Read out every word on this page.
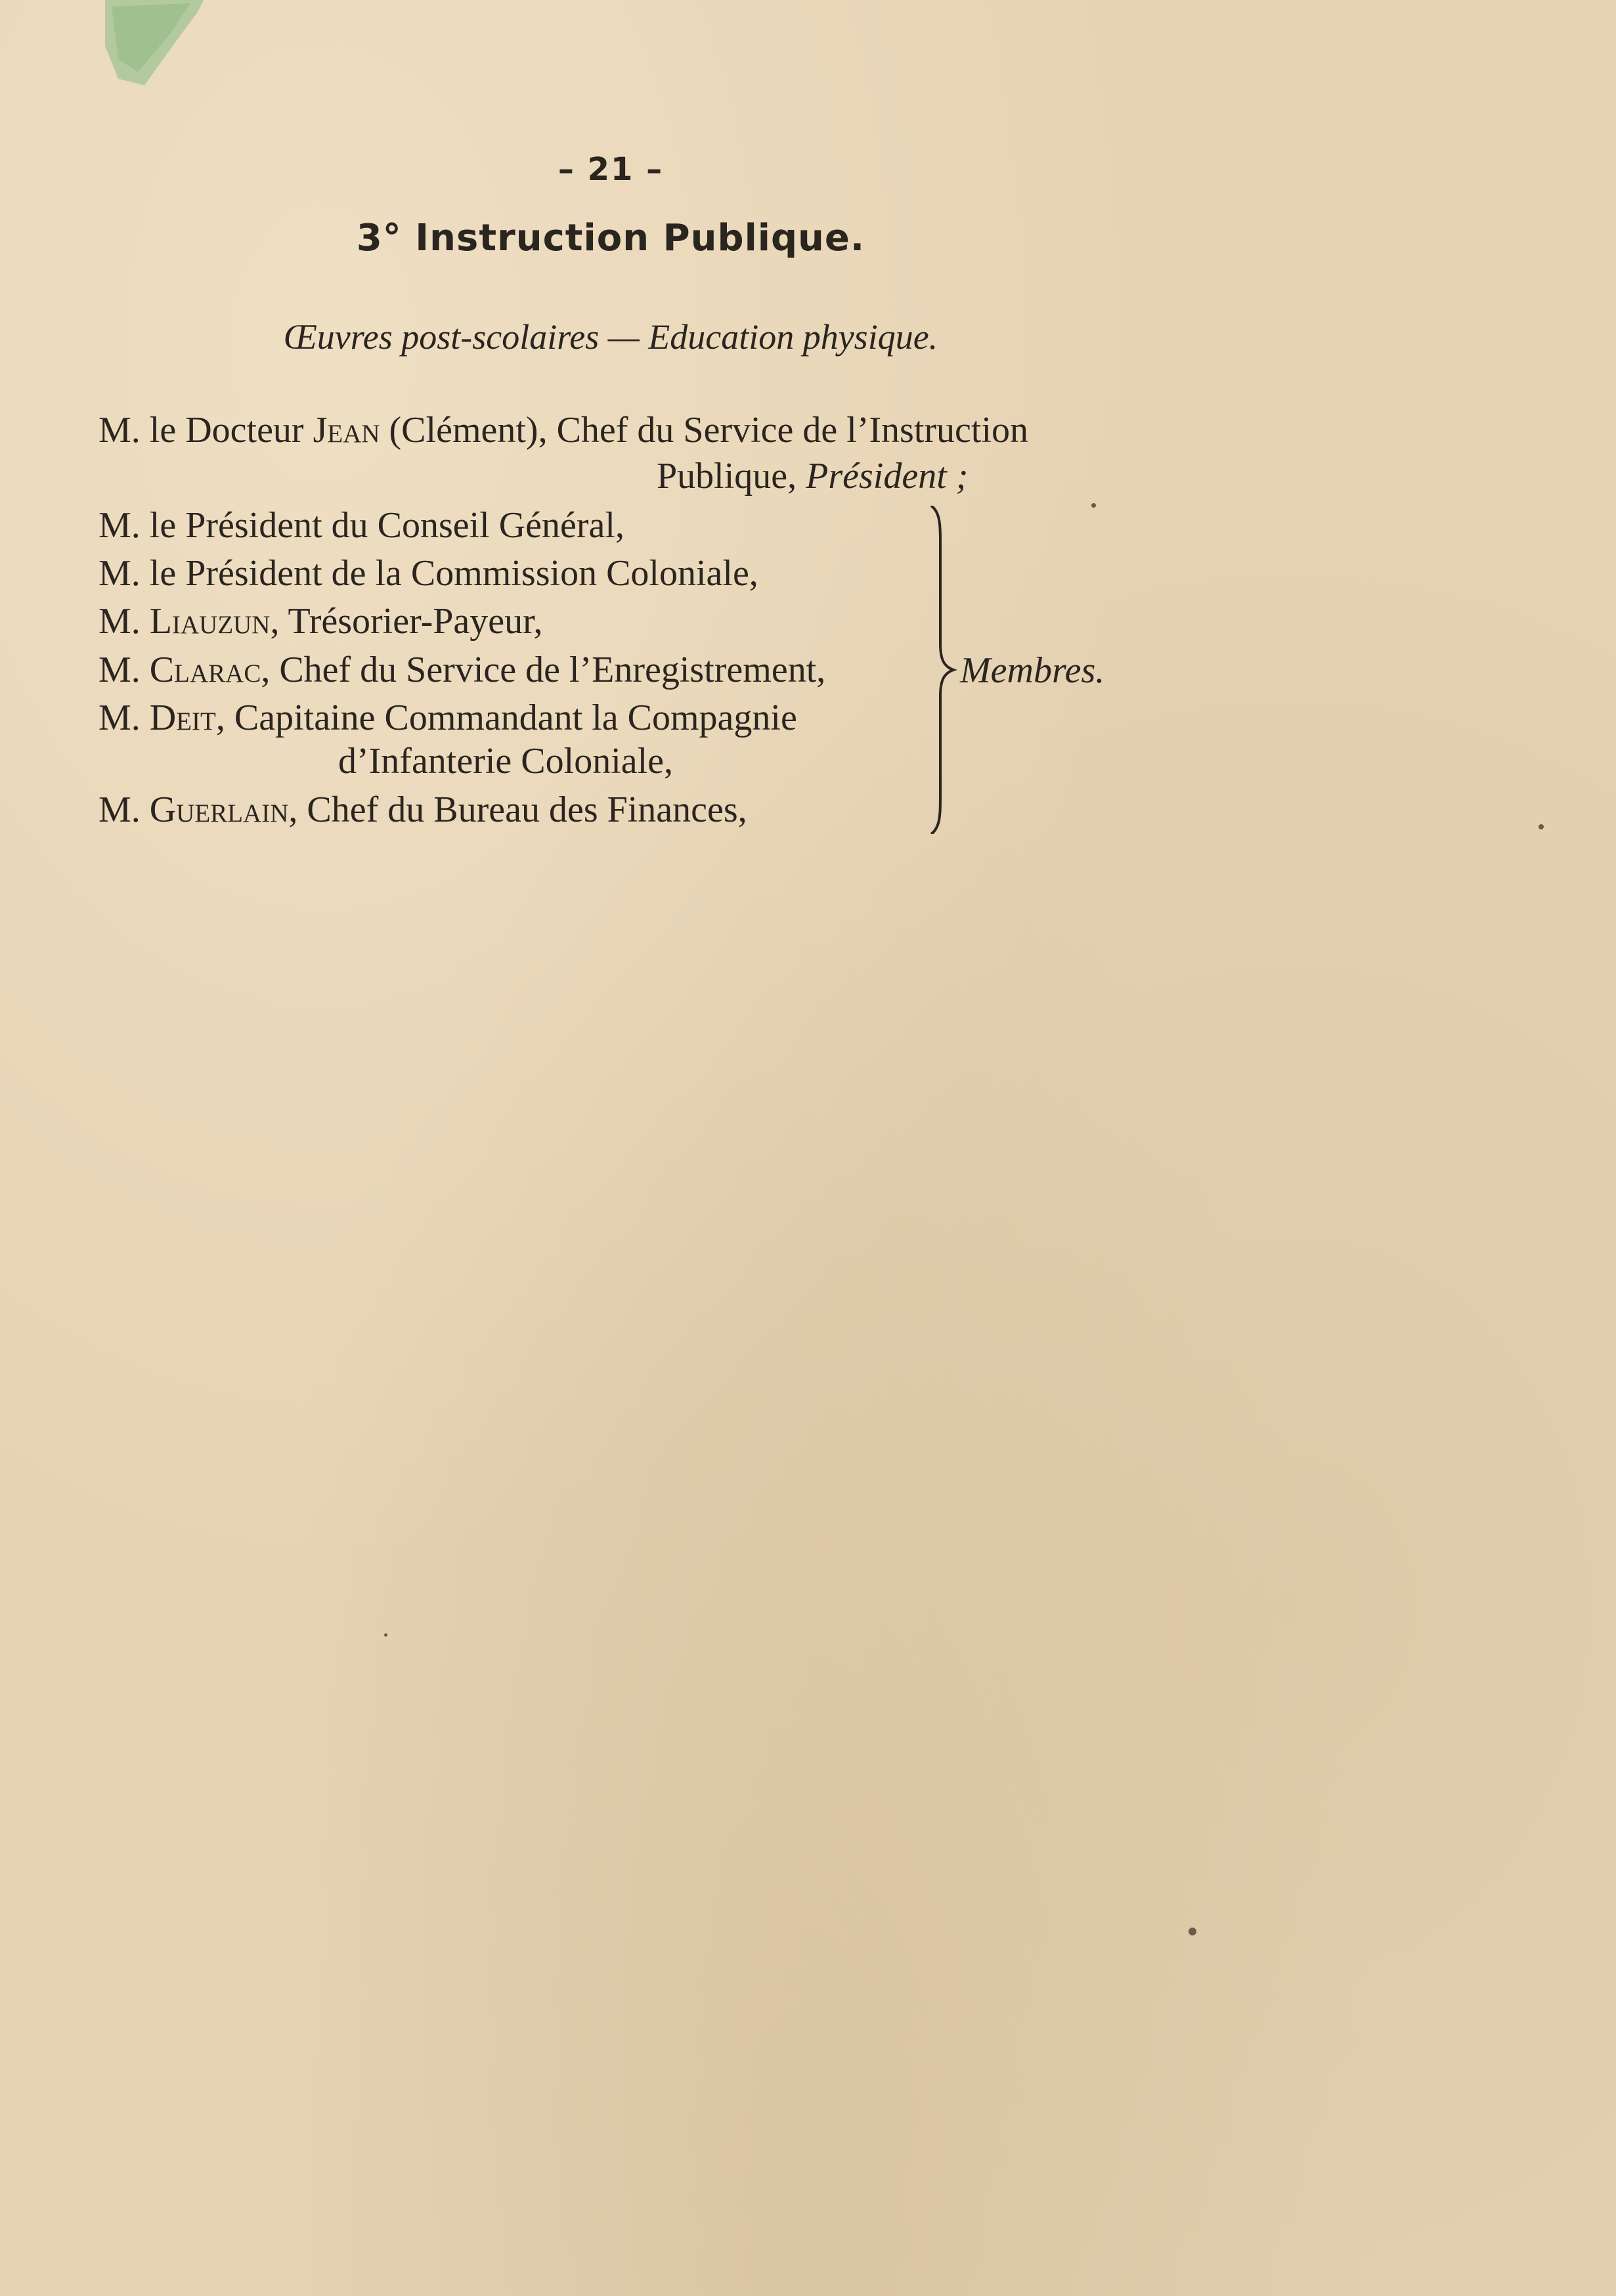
– 21 –
3° Instruction Publique.
Œuvres post-scolaires — Education physique.
M. le Docteur Jean (Clément), Chef du Service de l’Instruction
Publique, Président ;
M. le Président du Conseil Général,
M. le Président de la Commission Coloniale,
M. Liauzun, Trésorier-Payeur,
M. Clarac, Chef du Service de l’Enregistrement,
M. Deit, Capitaine Commandant la Compagnie
d’Infanterie Coloniale,
M. Guerlain, Chef du Bureau des Finances,
Membres.
